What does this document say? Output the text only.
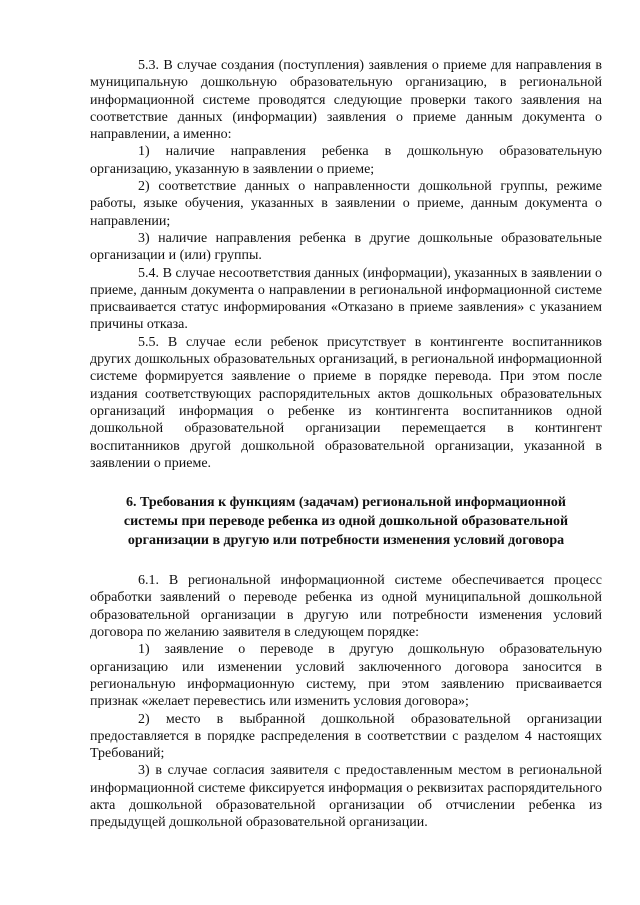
5.3. В случае создания (поступления) заявления о приеме для направления в муниципальную дошкольную образовательную организацию, в региональной информационной системе проводятся следующие проверки такого заявления на соответствие данных (информации) заявления о приеме данным документа о направлении, а именно:

1) наличие направления ребенка в дошкольную образовательную организацию, указанную в заявлении о приеме;

2) соответствие данных о направленности дошкольной группы, режиме работы, языке обучения, указанных в заявлении о приеме, данным документа о направлении;

3) наличие направления ребенка в другие дошкольные образовательные организации и (или) группы.

5.4. В случае несоответствия данных (информации), указанных в заявлении о приеме, данным документа о направлении в региональной информационной системе присваивается статус информирования «Отказано в приеме заявления» с указанием причины отказа.

5.5. В случае если ребенок присутствует в контингенте воспитанников других дошкольных образовательных организаций, в региональной информационной системе формируется заявление о приеме в порядке перевода. При этом после издания соответствующих распорядительных актов дошкольных образовательных организаций информация о ребенке из контингента воспитанников одной дошкольной образовательной организации перемещается в контингент воспитанников другой дошкольной образовательной организации, указанной в заявлении о приеме.

6. Требования к функциям (задачам) региональной информационной
системы при переводе ребенка из одной дошкольной образовательной
организации в другую или потребности изменения условий договора

6.1. В региональной информационной системе обеспечивается процесс обработки заявлений о переводе ребенка из одной муниципальной дошкольной образовательной организации в другую или потребности изменения условий договора по желанию заявителя в следующем порядке:

1) заявление о переводе в другую дошкольную образовательную организацию или изменении условий заключенного договора заносится в региональную информационную систему, при этом заявлению присваивается признак «желает перевестись или изменить условия договора»;

2) место в выбранной дошкольной образовательной организации предоставляется в порядке распределения в соответствии с разделом 4 настоящих Требований;

3) в случае согласия заявителя с предоставленным местом в региональной информационной системе фиксируется информация о реквизитах распорядительного акта дошкольной образовательной организации об отчислении ребенка из предыдущей дошкольной образовательной организации.
